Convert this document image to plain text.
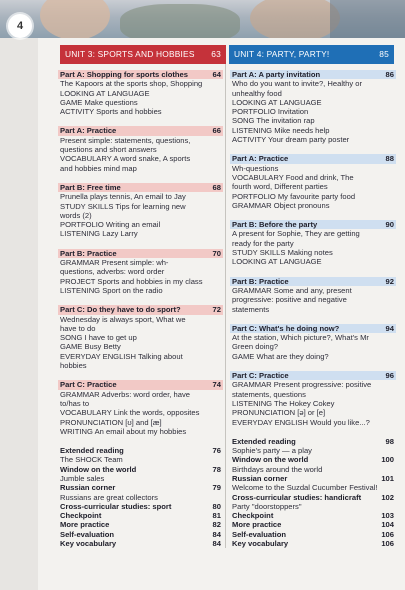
4
UNIT 3: SPORTS AND HOBBIES 63
Part A: Shopping for sports clothes	64
The Kapoors at the sports shop, Shopping
LOOKING AT LANGUAGE
GAME Make questions
ACTIVITY Sports and hobbies
Part A: Practice	66
Present simple: statements, questions,
questions and short answers
VOCABULARY A word snake, A sports
and hobbies mind map
Part B: Free time	68
Prunella plays tennis, An email to Jay
STUDY SKILLS Tips for learning new
words (2)
PORTFOLIO Writing an email
LISTENING Lazy Larry
Part B: Practice	70
GRAMMAR Present simple: wh-
questions, adverbs: word order
PROJECT Sports and hobbies in my class
LISTENING Sport on the radio
Part C: Do they have to do sport?	72
Wednesday is always sport, What we
have to do
SONG I have to get up
GAME Busy Betty
EVERYDAY ENGLISH Talking about
hobbies
Part C: Practice	74
GRAMMAR Adverbs: word order, have
to/has to
VOCABULARY Link the words, opposites
PRONUNCIATION [ʊ] and [æ]
WRITING An email about my hobbies
Extended reading	76
The SHOCK Team
Window on the world	78
Jumble sales
Russian corner	79
Russians are great collectors
Cross-curricular studies: sport	80
Checkpoint	81
More practice	82
Self-evaluation	84
Key vocabulary	84
UNIT 4: PARTY, PARTY!	85
Part A: A party invitation	86
Who do you want to invite?, Healthy or
unhealthy food
LOOKING AT LANGUAGE
PORTFOLIO Invitation
SONG The invitation rap
LISTENING Mike needs help
ACTIVITY Your dream party poster
Part A: Practice	88
Wh-questions
VOCABULARY Food and drink, The
fourth word, Different parties
PORTFOLIO My favourite party food
GRAMMAR Object pronouns
Part B: Before the party	90
A present for Sophie, They are getting
ready for the party
STUDY SKILLS Making notes
LOOKING AT LANGUAGE
Part B: Practice	92
GRAMMAR Some and any, present
progressive: positive and negative
statements
Part C: What's he doing now?	94
At the station, Which picture?, What's Mr
Green doing?
GAME What are they doing?
Part C: Practice	96
GRAMMAR Present progressive: positive
statements, questions
LISTENING The Hokey Cokey
PRONUNCIATION [ə] or [e]
EVERYDAY ENGLISH Would you like...?
Extended reading	98
Sophie's party — a play
Window on the world	100
Birthdays around the world
Russian corner	101
Welcome to the Suzdal Cucumber Festival!
Cross-curricular studies: handicraft	102
Party "doorstoppers"
Checkpoint	103
More practice	104
Self-evaluation	106
Key vocabulary	106
